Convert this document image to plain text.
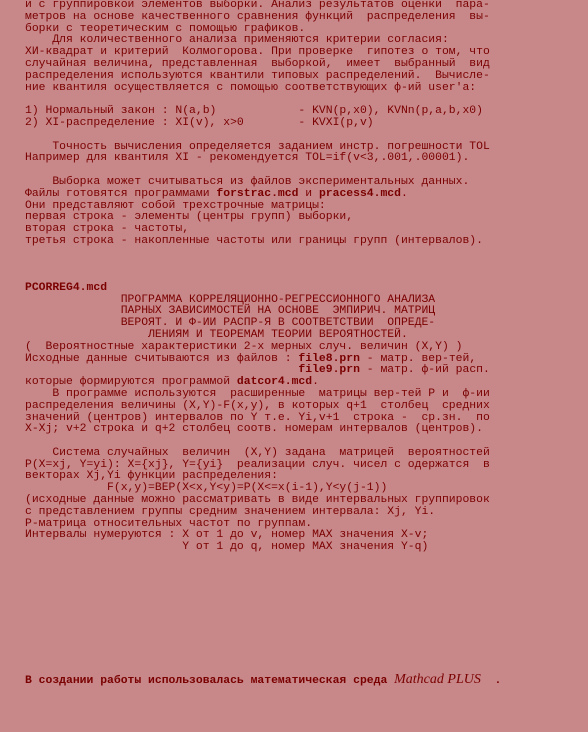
и с группировкой элементов выборки. Анализ результатов оценки  пара-
метров на основе качественного сравнения функций  распределения  вы-
борки с теоретическим с помощью графиков.
Для количественного анализа применяются критерии согласия:
XИ-квадрат и критерий  Колмогорова. При проверке  гипотез о том, что
случайная величина, представленная  выборкой,  имеет  выбранный  вид
распределения используются квантили типовых распределений.  Вычисле-
ние квантиля осуществляется с помощью соответствующих ф-ий user'а:
1) Нормальный закон : N(a,b)            - KVN(p,x0), KVNn(p,a,b,x0)
2) XI-распределение : XI(v), x>0        - KVXI(p,v)
Точность вычисления определяется заданием инстр. погрешности TOL
Например для квантиля XI - рекомендуется TOL=if(v<3,.001,.00001).
Выборка может считываться из файлов экспериментальных данных.
Файлы готовятся программами forstrac.mcd и pracess4.mcd.
Они представляют собой трехстрочные матрицы:
первая строка - элементы (центры групп) выборки,
вторая строка - частоты,
третья строка - накопленные частоты или границы групп (интервалов).
PCORREG4.mcd
ПРОГРАММА КОРРЕЛЯЦИОННО-РЕГРЕССИОННОГО АНАЛИЗА
ПАРНЫХ ЗАВИСИМОСТЕЙ НА ОСНОВЕ  ЭМПИРИЧ. МАТРИЦ
ВЕРОЯТ. И Ф-ИИ РАСПР-Я В СООТВЕТСТВИИ  ОПРЕДЕ-
ЛЕНИЯМ И ТЕОРЕМАМ ТЕОРИИ ВЕРОЯТНОСТЕЙ.
(  Вероятностные характеристики 2-х мерных случ. величин (X,Y) )
Исходные данные считываются из файлов : file8.prn - матр. вер-тей,
file9.prn - матр. ф-ий расп.
которые формируются программой datcor4.mcd.
В программе используются  расширенные  матрицы вер-тей P и  ф-ии
распределения величины (X,Y)-F(x,y), в которых q+1  столбец  средних
значений (центров) интервалов по Y т.е. Yi,v+1  строка -  ср.зн.  по
X-Xj; v+2 строка и q+2 столбец соотв. номерам интервалов (центров).
Система случайных  величин  (X,Y) задана  матрицей  вероятностей
P(X=xj, Y=yi): X={xj}, Y={yi}  реализации случ. чисел с одержатся  в
векторах Xj,Yi функции распределения:
F(x,y)=ВЕР(X<x,Y<y)=P(X<=x(i-1),Y<y(j-1))
(исходные данные можно рассматривать в виде интервальных группировок
с представлением группы средним значением интервала: Xj, Yi.
P-матрица относительных частот по группам.
Интервалы нумеруются : X от 1 до v, номер MAX значения X-v;
Y от 1 до q, номер MAX значения Y-q)
В создании работы использовалась математическая среда Mathcad PLUS  .
